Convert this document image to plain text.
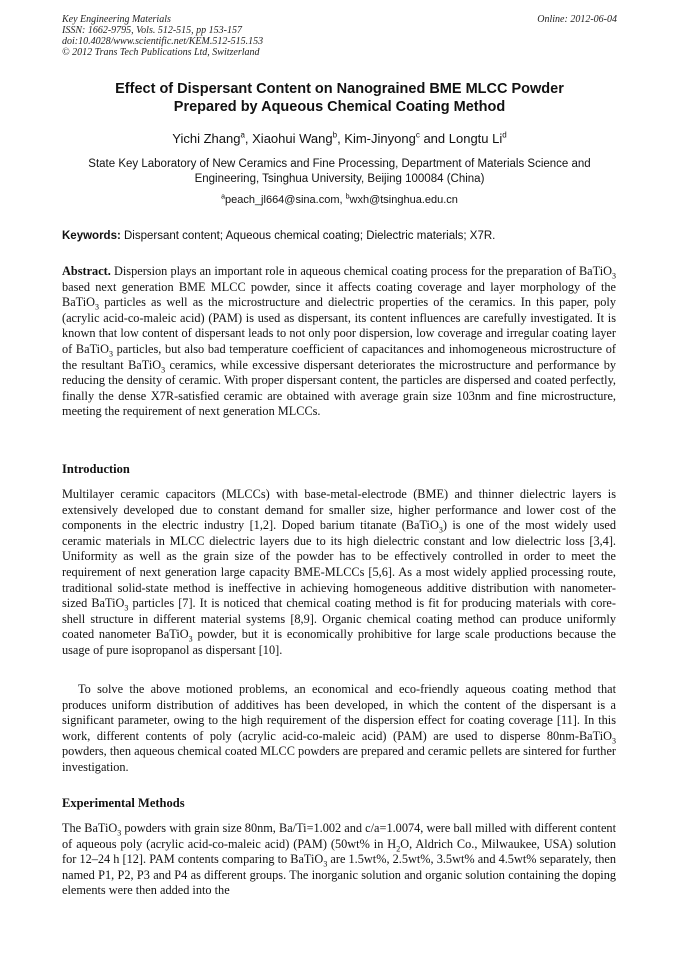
Key Engineering Materials
ISSN: 1662-9795, Vols. 512-515, pp 153-157
doi:10.4028/www.scientific.net/KEM.512-515.153
© 2012 Trans Tech Publications Ltd, Switzerland
Online: 2012-06-04
Effect of Dispersant Content on Nanograined BME MLCC Powder
Prepared by Aqueous Chemical Coating Method
Yichi Zhang$^a$, Xiaohui Wang$^b$, Kim-Jinyong$^c$ and Longtu Li$^d$
State Key Laboratory of New Ceramics and Fine Processing, Department of Materials Science and
Engineering, Tsinghua University, Beijing 100084 (China)
$^a$peach_jl664@sina.com, $^b$wxh@tsinghua.edu.cn
Keywords: Dispersant content; Aqueous chemical coating; Dielectric materials; X7R.
Abstract. Dispersion plays an important role in aqueous chemical coating process for the preparation of BaTiO$_3$ based next generation BME MLCC powder, since it affects coating coverage and layer morphology of the BaTiO$_3$ particles as well as the microstructure and dielectric properties of the ceramics. In this paper, poly (acrylic acid-co-maleic acid) (PAM) is used as dispersant, its content influences are carefully investigated. It is known that low content of dispersant leads to not only poor dispersion, low coverage and irregular coating layer of BaTiO$_3$ particles, but also bad temperature coefficient of capacitances and inhomogeneous microstructure of the resultant BaTiO$_3$ ceramics, while excessive dispersant deteriorates the microstructure and performance by reducing the density of ceramic. With proper dispersant content, the particles are dispersed and coated perfectly, finally the dense X7R-satisfied ceramic are obtained with average grain size 103nm and fine microstructure, meeting the requirement of next generation MLCCs.
Introduction
Multilayer ceramic capacitors (MLCCs) with base-metal-electrode (BME) and thinner dielectric layers is extensively developed due to constant demand for smaller size, higher performance and lower cost of the components in the electric industry [1,2]. Doped barium titanate (BaTiO$_3$) is one of the most widely used ceramic materials in MLCC dielectric layers due to its high dielectric constant and low dielectric loss [3,4]. Uniformity as well as the grain size of the powder has to be effectively controlled in order to meet the requirement of next generation large capacity BME-MLCCs [5,6]. As a most widely applied processing route, traditional solid-state method is ineffective in achieving homogeneous additive distribution with nanometer-sized BaTiO$_3$ particles [7]. It is noticed that chemical coating method is fit for producing materials with core-shell structure in different material systems [8,9]. Organic chemical coating method can produce uniformly coated nanometer BaTiO$_3$ powder, but it is economically prohibitive for large scale productions because the usage of pure isopropanol as dispersant [10].
To solve the above motioned problems, an economical and eco-friendly aqueous coating method that produces uniform distribution of additives has been developed, in which the content of the dispersant is a significant parameter, owing to the high requirement of the dispersion effect for coating coverage [11]. In this work, different contents of poly (acrylic acid-co-maleic acid) (PAM) are used to disperse 80nm-BaTiO$_3$ powders, then aqueous chemical coated MLCC powders are prepared and ceramic pellets are sintered for further investigation.
Experimental Methods
The BaTiO$_3$ powders with grain size 80nm, Ba/Ti=1.002 and c/a=1.0074, were ball milled with different content of aqueous poly (acrylic acid-co-maleic acid) (PAM) (50wt% in $H_2O$, Aldrich Co., Milwaukee, USA) solution for 12–24 h [12]. PAM contents comparing to BaTiO$_3$ are 1.5wt%, 2.5wt%, 3.5wt% and 4.5wt% separately, then named P1, P2, P3 and P4 as different groups. The inorganic solution and organic solution containing the doping elements were then added into the
